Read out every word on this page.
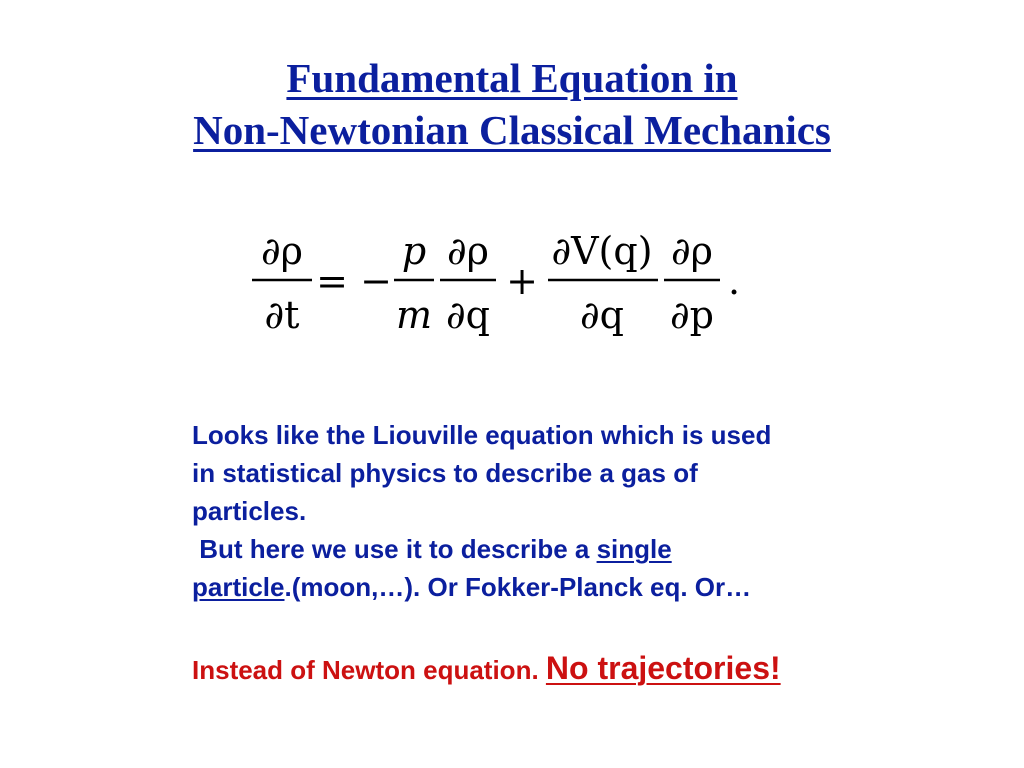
Fundamental Equation in
Non-Newtonian Classical Mechanics
∂ρ
∂t
= −
p
m
∂ρ
∂q
+
∂V(q)
∂q
∂ρ
∂p
.
Looks like the Liouville equation which is used
in statistical physics to describe a gas of
particles.
But here we use it to describe a single
particle.(moon,…). Or Fokker-Planck eq. Or…
Instead of Newton equation. No trajectories!
